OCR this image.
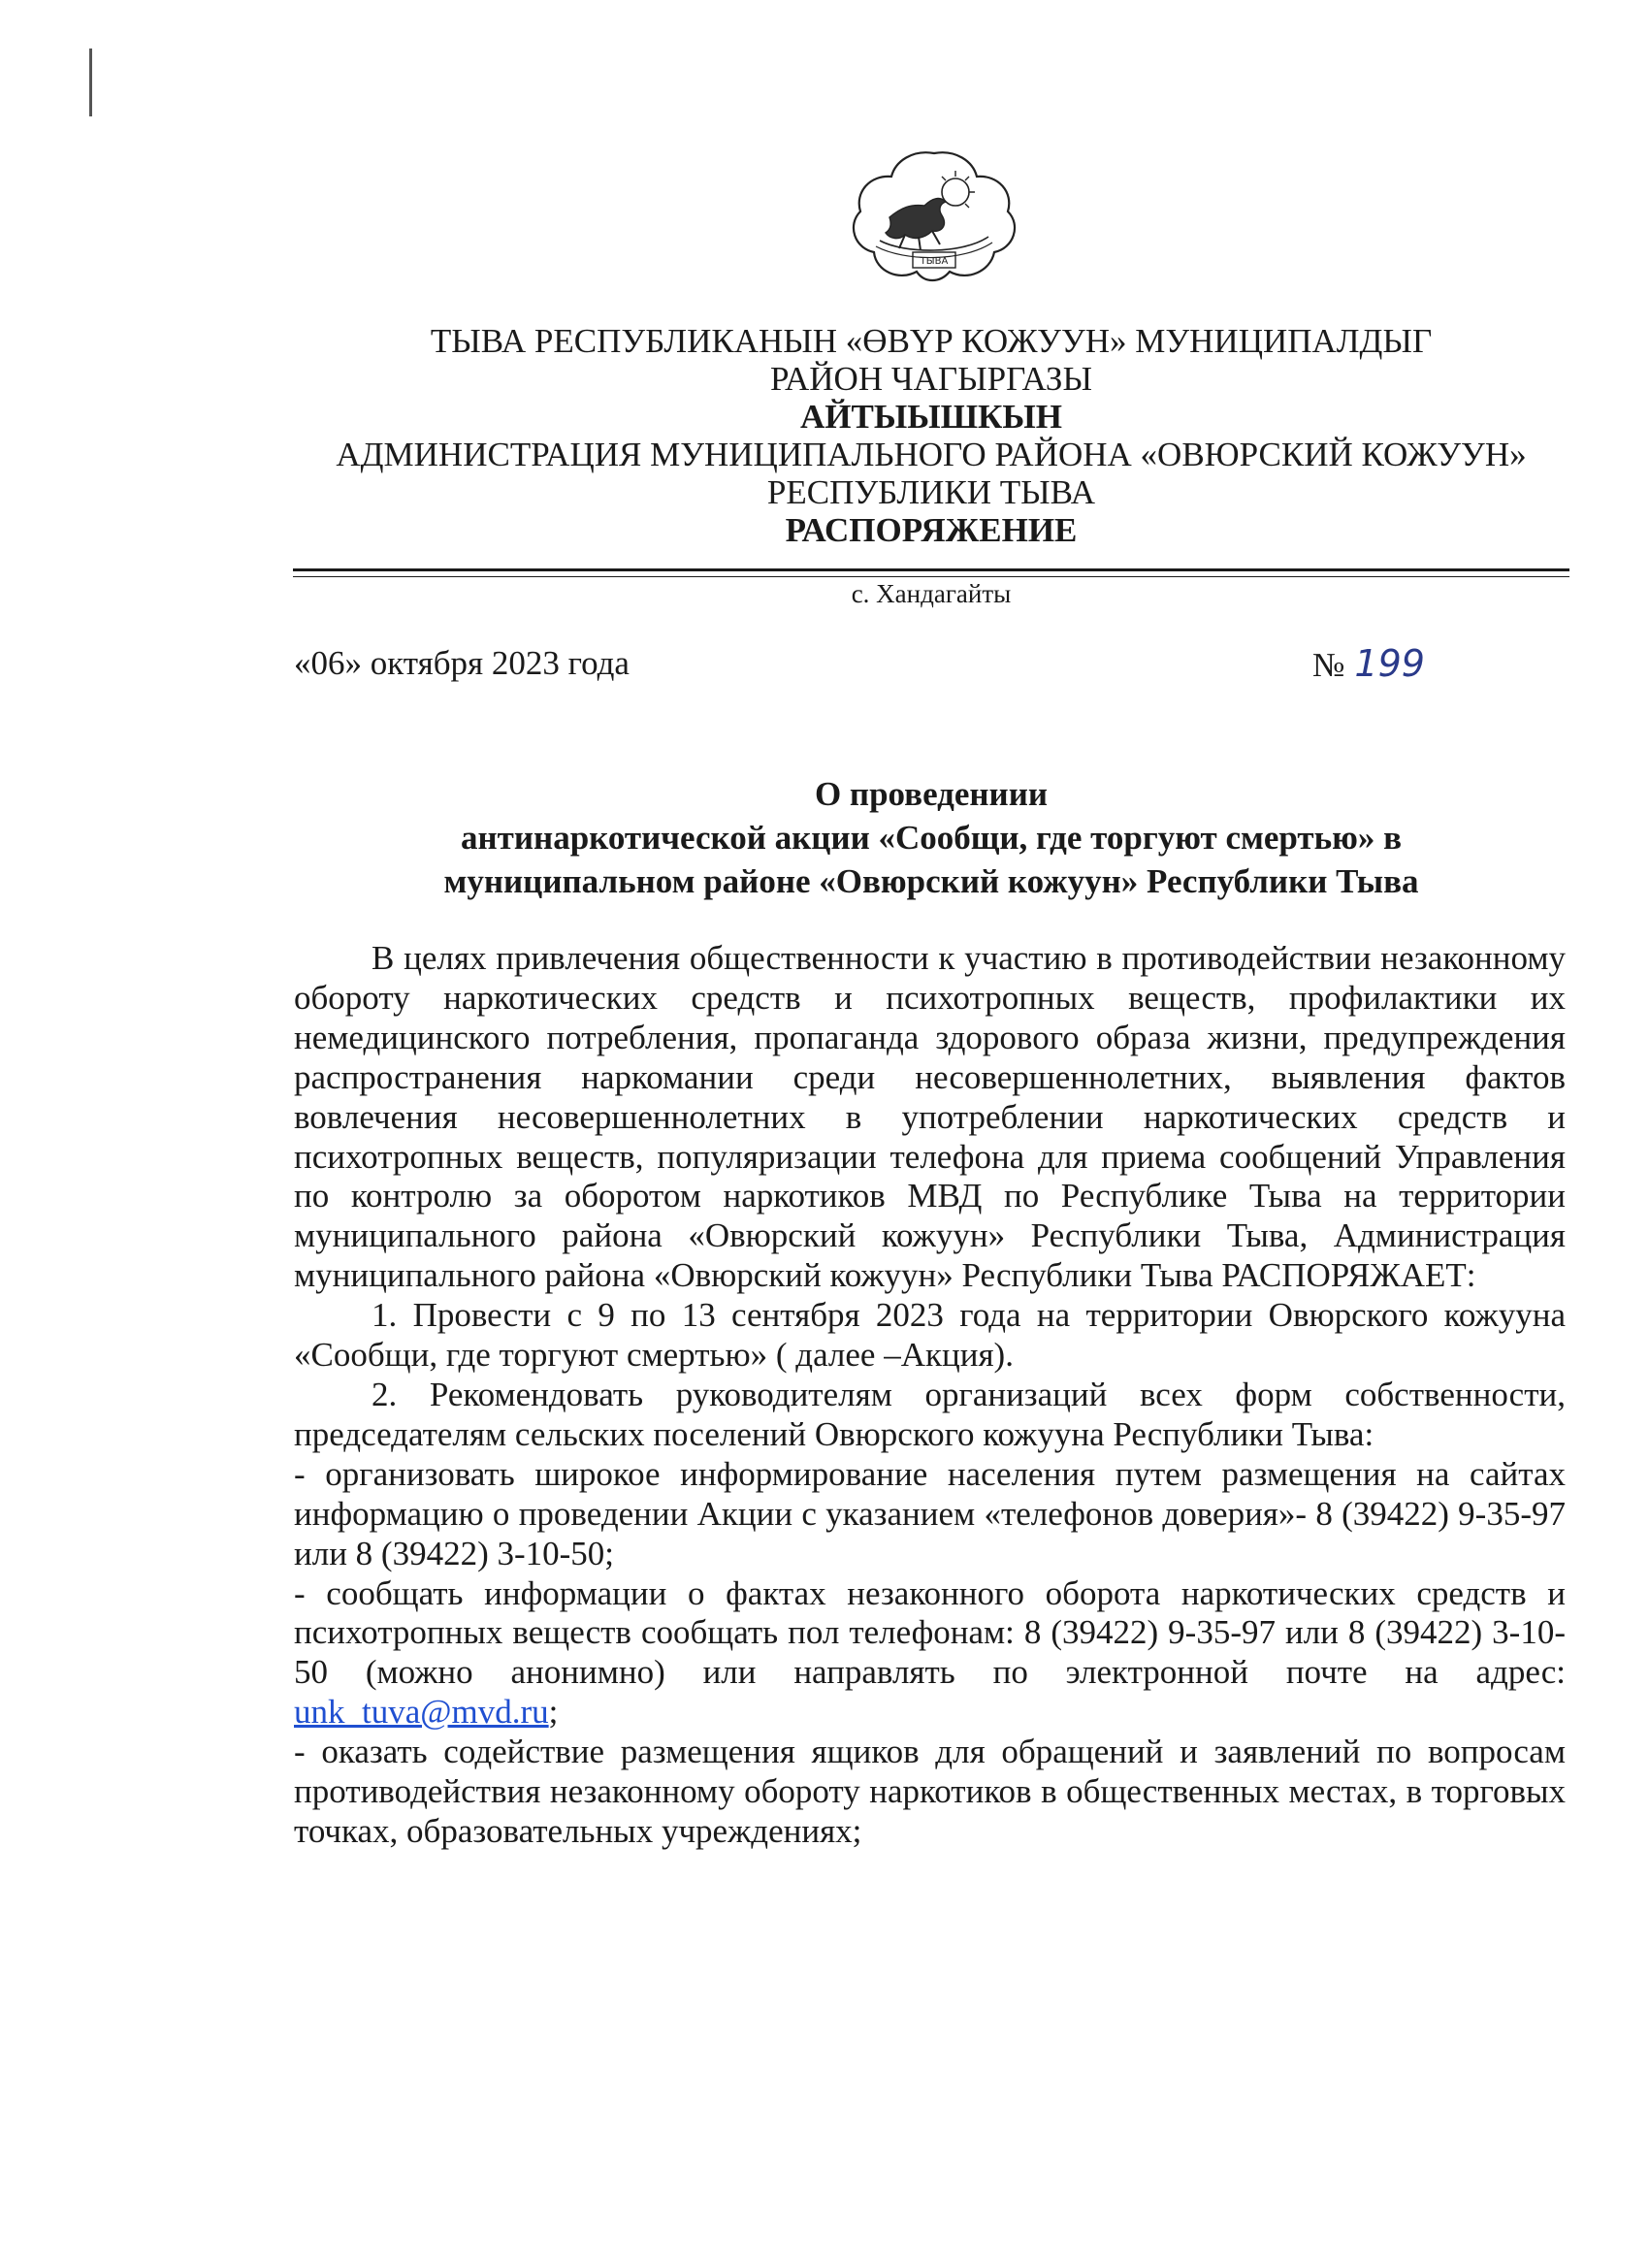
ТЫВА
ТЫВА РЕСПУБЛИКАНЫН «ӨВҮР КОЖУУН» МУНИЦИПАЛДЫГ
РАЙОН ЧАГЫРГАЗЫ
АЙТЫЫШКЫН
АДМИНИСТРАЦИЯ МУНИЦИПАЛЬНОГО РАЙОНА «ОВЮРСКИЙ КОЖУУН»
РЕСПУБЛИКИ ТЫВА
РАСПОРЯЖЕНИЕ
с. Хандагайты
«06» октября 2023 года	№ 199
О проведениии
антинаркотической акции «Сообщи, где торгуют смертью» в
муниципальном районе «Овюрский кожуун» Республики Тыва

В целях привлечения общественности к участию в противодействии незаконному обороту наркотических средств и психотропных веществ, профилактики их немедицинского потребления, пропаганда здорового образа жизни, предупреждения распространения наркомании среди несовершеннолетних, выявления фактов вовлечения несовершеннолетних в употреблении наркотических средств и психотропных веществ, популяризации телефона для приема сообщений Управления по контролю за оборотом наркотиков МВД по Республике Тыва на территории муниципального района «Овюрский кожуун» Республики Тыва, Администрация муниципального района «Овюрский кожуун» Республики Тыва РАСПОРЯЖАЕТ:

1. Провести с 9 по 13 сентября 2023 года на территории Овюрского кожууна «Сообщи, где торгуют смертью» ( далее –Акция).

2. Рекомендовать руководителям организаций всех форм собственности, председателям сельских поселений Овюрского кожууна Республики Тыва:

- организовать широкое информирование населения путем размещения на сайтах информацию о проведении Акции с указанием «телефонов доверия»- 8 (39422) 9-35-97 или 8 (39422) 3-10-50;

- сообщать информации о фактах незаконного оборота наркотических средств и психотропных веществ сообщать пол телефонам: 8 (39422) 9-35-97 или 8 (39422) 3-10-50 (можно анонимно) или направлять по электронной почте на адрес: unk_tuva@mvd.ru;

- оказать содействие размещения ящиков для обращений и заявлений по вопросам противодействия незаконному обороту наркотиков в общественных местах, в торговых точках, образовательных учреждениях;
